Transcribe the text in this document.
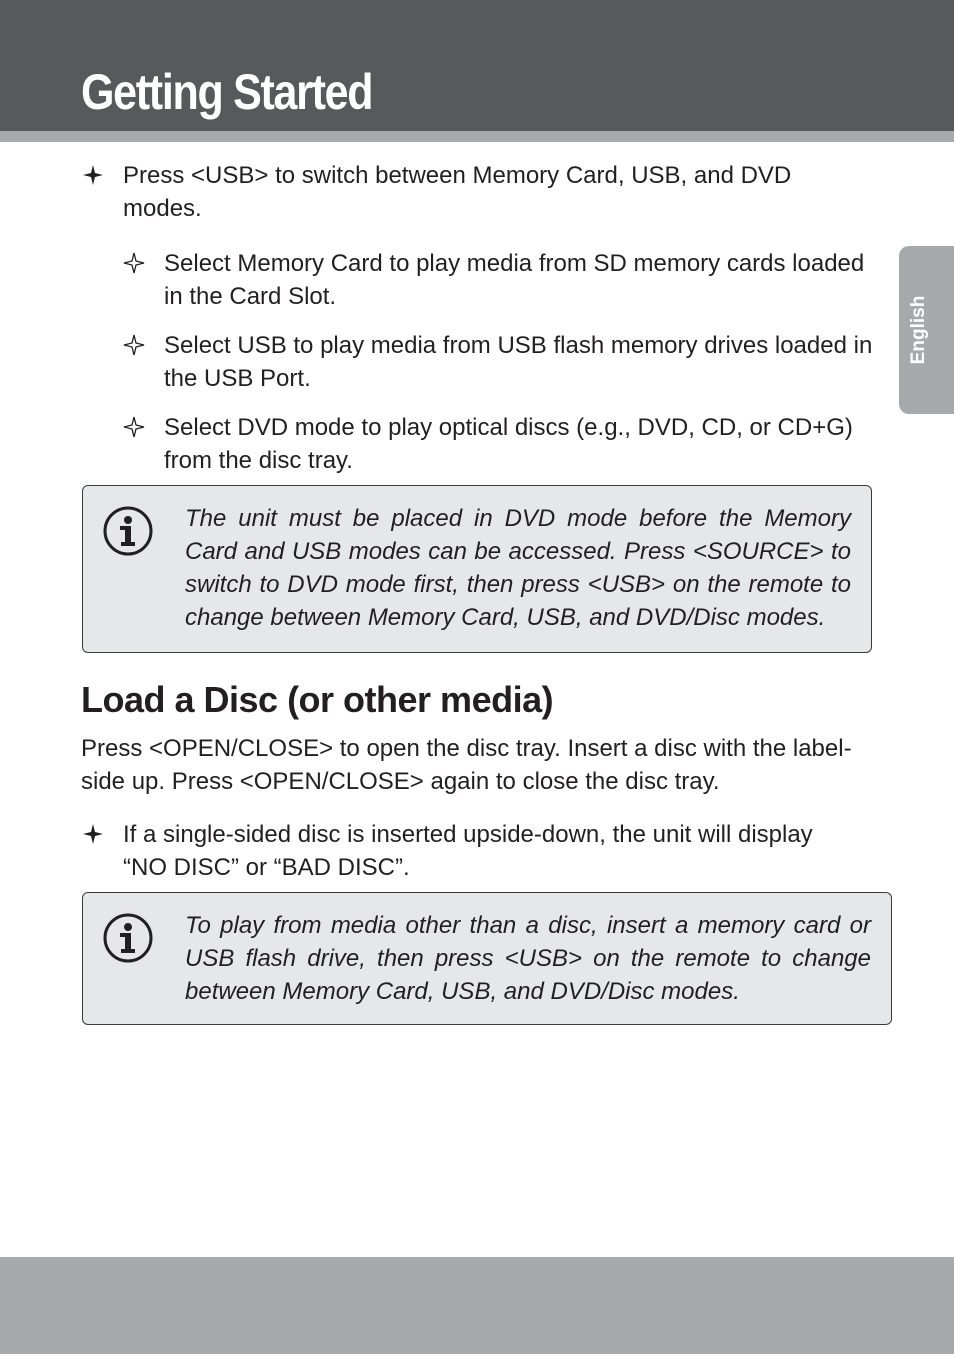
Getting Started
English
Press <USB> to switch between Memory Card, USB, and DVD modes.
Select Memory Card to play media from SD memory cards loaded in the Card Slot.
Select USB to play media from USB flash memory drives loaded in the USB Port.
Select DVD mode to play optical discs (e.g., DVD, CD, or CD+G) from the disc tray.
The unit must be placed in DVD mode before the Memory Card and USB modes can be accessed. Press <SOURCE> to switch to DVD mode first, then press <USB> on the remote to change between Memory Card, USB, and DVD/Disc modes.
Load a Disc (or other media)

Press <OPEN/CLOSE> to open the disc tray. Insert a disc with the label-side up. Press <OPEN/CLOSE> again to close the disc tray.

If a single-sided disc is inserted upside-down, the unit will display “NO DISC” or “BAD DISC”.
To play from media other than a disc, insert a memory card or USB flash drive, then press <USB> on the remote to change between Memory Card, USB, and DVD/Disc modes.
